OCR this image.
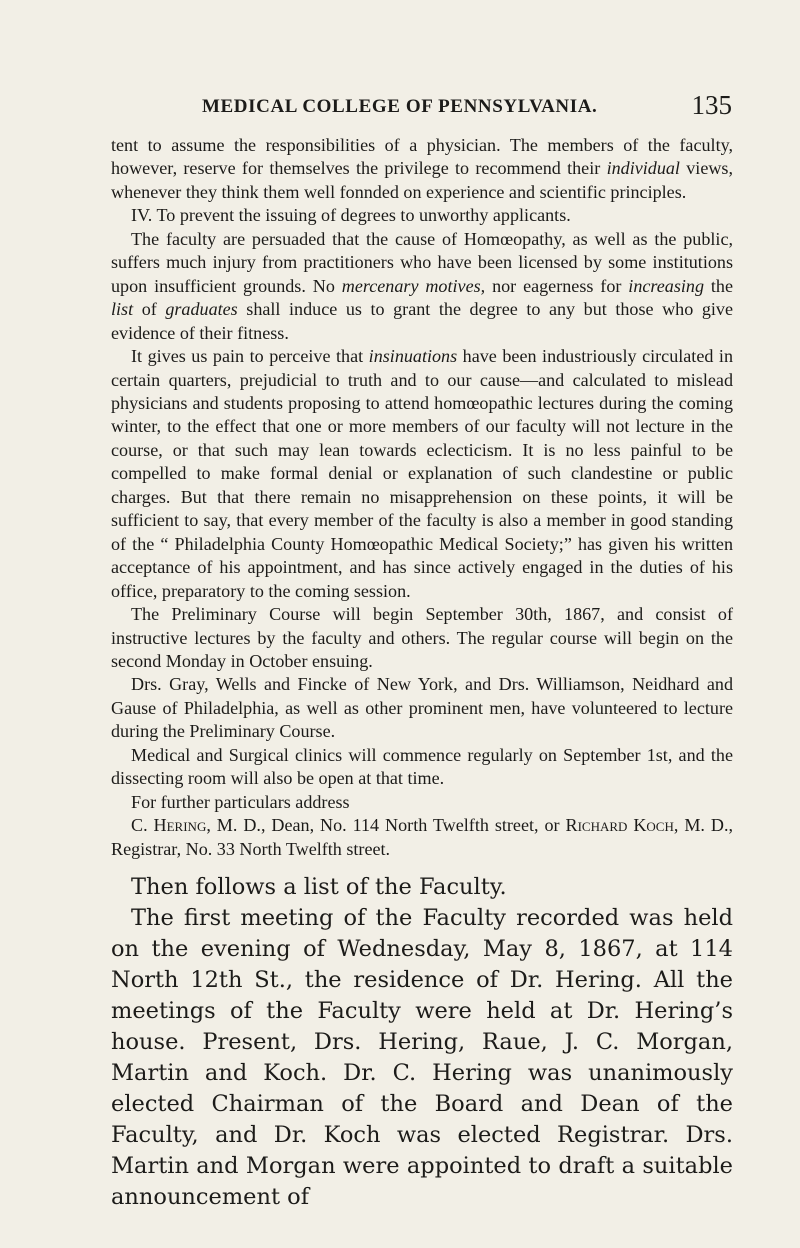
MEDICAL COLLEGE OF PENNSYLVANIA.	135

tent to assume the responsibilities of a physician. The members of the faculty, however, reserve for themselves the privilege to recommend their individual views, whenever they think them well fonnded on experience and scientific principles.

IV. To prevent the issuing of degrees to unworthy applicants.

The faculty are persuaded that the cause of Homœopathy, as well as the public, suffers much injury from practitioners who have been licensed by some institutions upon insufficient grounds. No mercenary motives, nor eagerness for increasing the list of graduates shall induce us to grant the degree to any but those who give evidence of their fitness.

It gives us pain to perceive that insinuations have been industriously circulated in certain quarters, prejudicial to truth and to our cause—and calculated to mislead physicians and students proposing to attend homœopathic lectures during the coming winter, to the effect that one or more members of our faculty will not lecture in the course, or that such may lean towards eclecticism. It is no less painful to be compelled to make formal denial or explanation of such clandestine or public charges. But that there remain no misapprehension on these points, it will be sufficient to say, that every member of the faculty is also a member in good standing of the “ Philadelphia County Homœopathic Medical Society;” has given his written acceptance of his appointment, and has since actively engaged in the duties of his office, preparatory to the coming session.

The Preliminary Course will begin September 30th, 1867, and consist of instructive lectures by the faculty and others. The regular course will begin on the second Monday in October ensuing.

Drs. Gray, Wells and Fincke of New York, and Drs. Williamson, Neidhard and Gause of Philadelphia, as well as other prominent men, have volunteered to lecture during the Preliminary Course.

Medical and Surgical clinics will commence regularly on September 1st, and the dissecting room will also be open at that time.

For further particulars address

C. Hering, M. D., Dean, No. 114 North Twelfth street, or Richard Koch, M. D., Registrar, No. 33 North Twelfth street.

Then follows a list of the Faculty.

The first meeting of the Faculty recorded was held on the evening of Wednesday, May 8, 1867, at 114 North 12th St., the residence of Dr. Hering. All the meetings of the Faculty were held at Dr. Hering’s house. Present, Drs. Hering, Raue, J. C. Morgan, Martin and Koch. Dr. C. Hering was unanimously elected Chairman of the Board and Dean of the Faculty, and Dr. Koch was elected Registrar. Drs. Martin and Morgan were appointed to draft a suitable announcement of
